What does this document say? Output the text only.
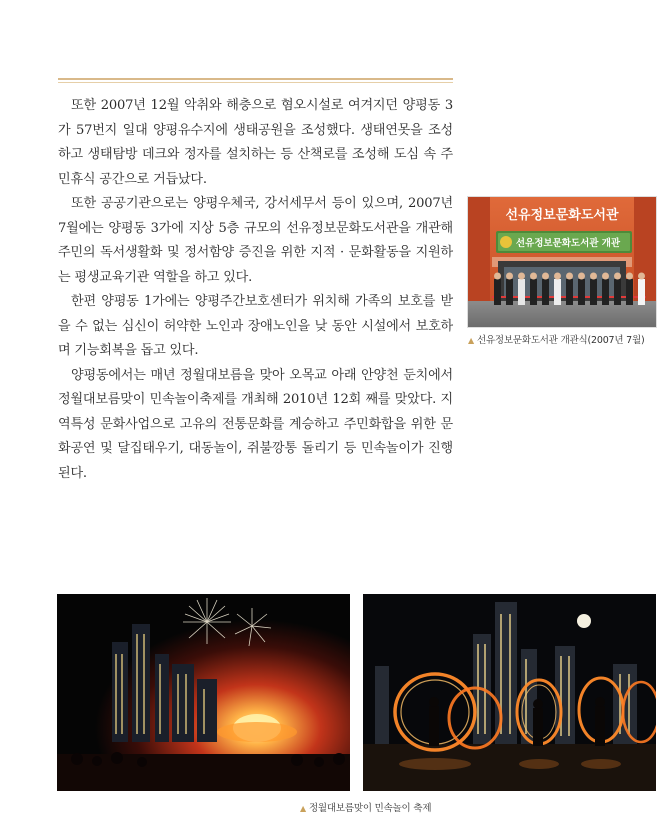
또한 2007년 12월 악취와 해충으로 혐오시설로 여겨지던 양평동 3가 57번지 일대 양평유수지에 생태공원을 조성했다. 생태연못을 조성하고 생태탐방 데크와 정자를 설치하는 등 산책로를 조성해 도심 속 주민휴식 공간으로 거듭났다.

또한 공공기관으로는 양평우체국, 강서세무서 등이 있으며, 2007년 7월에는 양평동 3가에 지상 5층 규모의 선유정보문화도서관을 개관해 주민의 독서생활화 및 정서함양 증진을 위한 지적 · 문화활동을 지원하는 평생교육기관 역할을 하고 있다.

한편 양평동 1가에는 양평주간보호센터가 위치해 가족의 보호를 받을 수 없는 심신이 허약한 노인과 장애노인을 낮 동안 시설에서 보호하며 기능회복을 돕고 있다.

양평동에서는 매년 정월대보름을 맞아 오목교 아래 안양천 둔치에서 정월대보름맞이 민속놀이축제를 개최해 2010년 12회 째를 맞았다. 지역특성 문화사업으로 고유의 전통문화를 계승하고 주민화합을 위한 문화공연 및 달집태우기, 대동놀이, 쥐불깡통 돌리기 등 민속놀이가 진행된다.

선유정보문화도서관
선유정보문화도서관 개관
▲ 선유정보문화도서관 개관식(2007년 7월)
▲ 정월대보름맞이 민속놀이 축제
